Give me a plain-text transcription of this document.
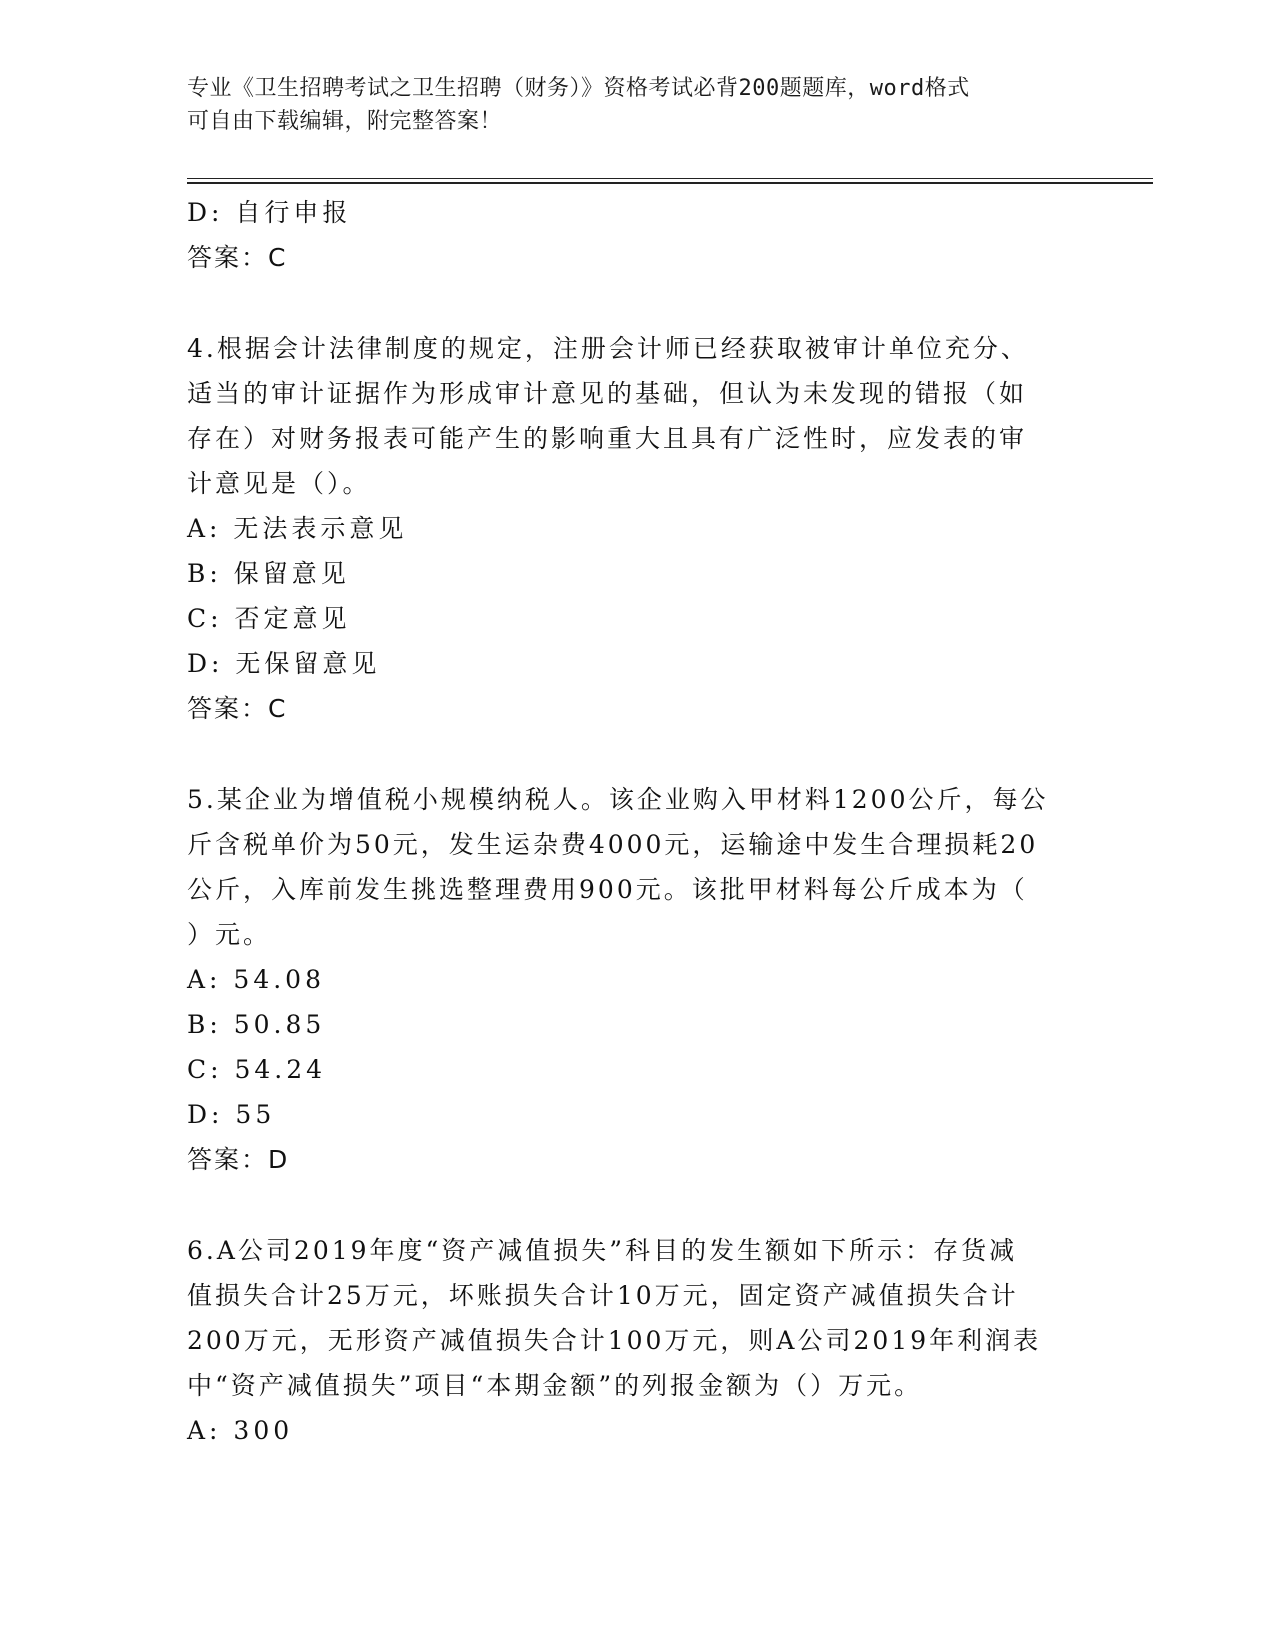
专业《卫生招聘考试之卫生招聘（财务）》资格考试必背200题题库，word格式
可自由下载编辑，附完整答案！
D: 自行申报
答案：C
4.根据会计法律制度的规定，注册会计师已经获取被审计单位充分、
适当的审计证据作为形成审计意见的基础，但认为未发现的错报（如
存在）对财务报表可能产生的影响重大且具有广泛性时，应发表的审
计意见是（）。
A: 无法表示意见
B: 保留意见
C: 否定意见
D: 无保留意见
答案：C
5.某企业为增值税小规模纳税人。该企业购入甲材料1200公斤，每公
斤含税单价为50元，发生运杂费4000元，运输途中发生合理损耗20
公斤，入库前发生挑选整理费用900元。该批甲材料每公斤成本为（
）元。
A: 54.08
B: 50.85
C: 54.24
D: 55
答案：D
6.A公司2019年度“资产减值损失”科目的发生额如下所示：存货减
值损失合计25万元，坏账损失合计10万元，固定资产减值损失合计
200万元，无形资产减值损失合计100万元，则A公司2019年利润表
中“资产减值损失”项目“本期金额”的列报金额为（）万元。
A: 300
